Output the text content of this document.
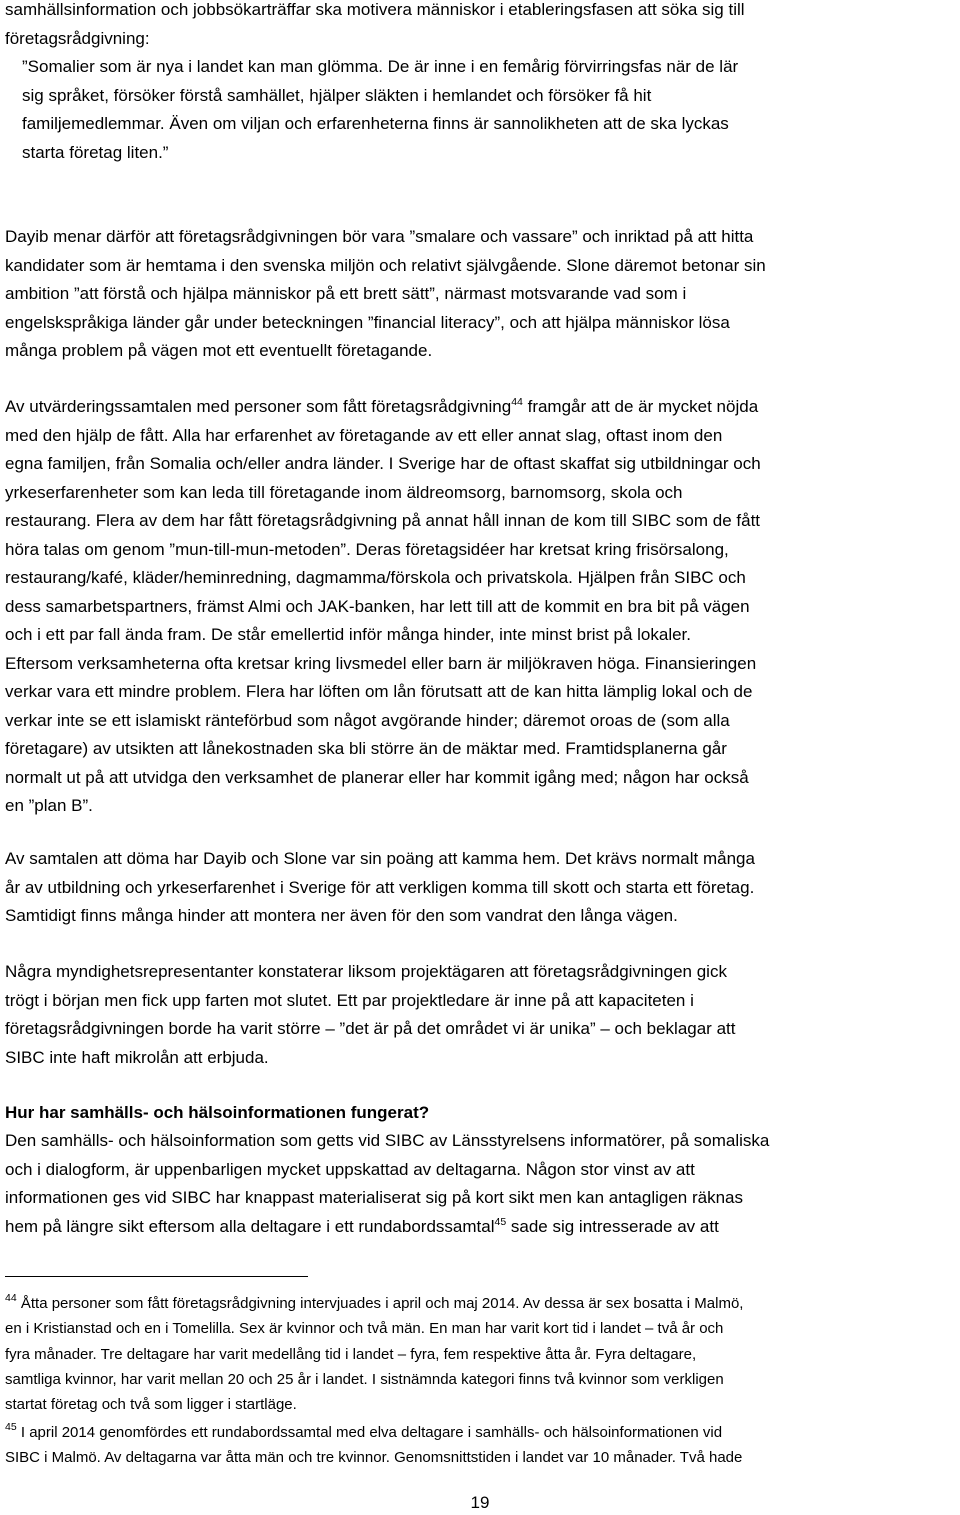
samhällsinformation och jobbsökarträffar ska motivera människor i etableringsfasen att söka sig till
företagsrådgivning:

”Somalier som är nya i landet kan man glömma. De är inne i en femårig förvirringsfas när de lär
sig språket, försöker förstå samhället, hjälper släkten i hemlandet och försöker få hit
familjemedlemmar. Även om viljan och erfarenheterna finns är sannolikheten att de ska lyckas
starta företag liten.”

Dayib menar därför att företagsrådgivningen bör vara ”smalare och vassare” och inriktad på att hitta
kandidater som är hemtama i den svenska miljön och relativt självgående. Slone däremot betonar sin
ambition ”att förstå och hjälpa människor på ett brett sätt”, närmast motsvarande vad som i
engelskspråkiga länder går under beteckningen ”financial literacy”, och att hjälpa människor lösa
många problem på vägen mot ett eventuellt företagande.

Av utvärderingssamtalen med personer som fått företagsrådgivning$^{44}$ framgår att de är mycket nöjda
med den hjälp de fått. Alla har erfarenhet av företagande av ett eller annat slag, oftast inom den
egna familjen, från Somalia och/eller andra länder. I Sverige har de oftast skaffat sig utbildningar och
yrkeserfarenheter som kan leda till företagande inom äldreomsorg, barnomsorg, skola och
restaurang. Flera av dem har fått företagsrådgivning på annat håll innan de kom till SIBC som de fått
höra talas om genom ”mun-till-mun-metoden”. Deras företagsidéer har kretsat kring frisörsalong,
restaurang/kafé, kläder/heminredning, dagmamma/förskola och privatskola. Hjälpen från SIBC och
dess samarbetspartners, främst Almi och JAK-banken, har lett till att de kommit en bra bit på vägen
och i ett par fall ända fram. De står emellertid inför många hinder, inte minst brist på lokaler.
Eftersom verksamheterna ofta kretsar kring livsmedel eller barn är miljökraven höga. Finansieringen
verkar vara ett mindre problem. Flera har löften om lån förutsatt att de kan hitta lämplig lokal och de
verkar inte se ett islamiskt ränteförbud som något avgörande hinder; däremot oroas de (som alla
företagare) av utsikten att lånekostnaden ska bli större än de mäktar med. Framtidsplanerna går
normalt ut på att utvidga den verksamhet de planerar eller har kommit igång med; någon har också
en ”plan B”.

Av samtalen att döma har Dayib och Slone var sin poäng att kamma hem. Det krävs normalt många
år av utbildning och yrkeserfarenhet i Sverige för att verkligen komma till skott och starta ett företag.
Samtidigt finns många hinder att montera ner även för den som vandrat den långa vägen.

Några myndighetsrepresentanter konstaterar liksom projektägaren att företagsrådgivningen gick
trögt i början men fick upp farten mot slutet. Ett par projektledare är inne på att kapaciteten i
företagsrådgivningen borde ha varit större – ”det är på det området vi är unika” – och beklagar att
SIBC inte haft mikrolån att erbjuda.

Hur har samhälls- och hälsoinformationen fungerat?

Den samhälls- och hälsoinformation som getts vid SIBC av Länsstyrelsens informatörer, på somaliska
och i dialogform, är uppenbarligen mycket uppskattad av deltagarna. Någon stor vinst av att
informationen ges vid SIBC har knappast materialiserat sig på kort sikt men kan antagligen räknas
hem på längre sikt eftersom alla deltagare i ett rundabordssamtal$^{45}$ sade sig intresserade av att

$^{44}$ Åtta personer som fått företagsrådgivning intervjuades i april och maj 2014. Av dessa är sex bosatta i Malmö,
en i Kristianstad och en i Tomelilla. Sex är kvinnor och två män. En man har varit kort tid i landet – två år och
fyra månader. Tre deltagare har varit medellång tid i landet – fyra, fem respektive åtta år. Fyra deltagare,
samtliga kvinnor, har varit mellan 20 och 25 år i landet. I sistnämnda kategori finns två kvinnor som verkligen
startat företag och två som ligger i startläge.

$^{45}$ I april 2014 genomfördes ett rundabordssamtal med elva deltagare i samhälls- och hälsoinformationen vid
SIBC i Malmö. Av deltagarna var åtta män och tre kvinnor. Genomsnittstiden i landet var 10 månader. Två hade

19
